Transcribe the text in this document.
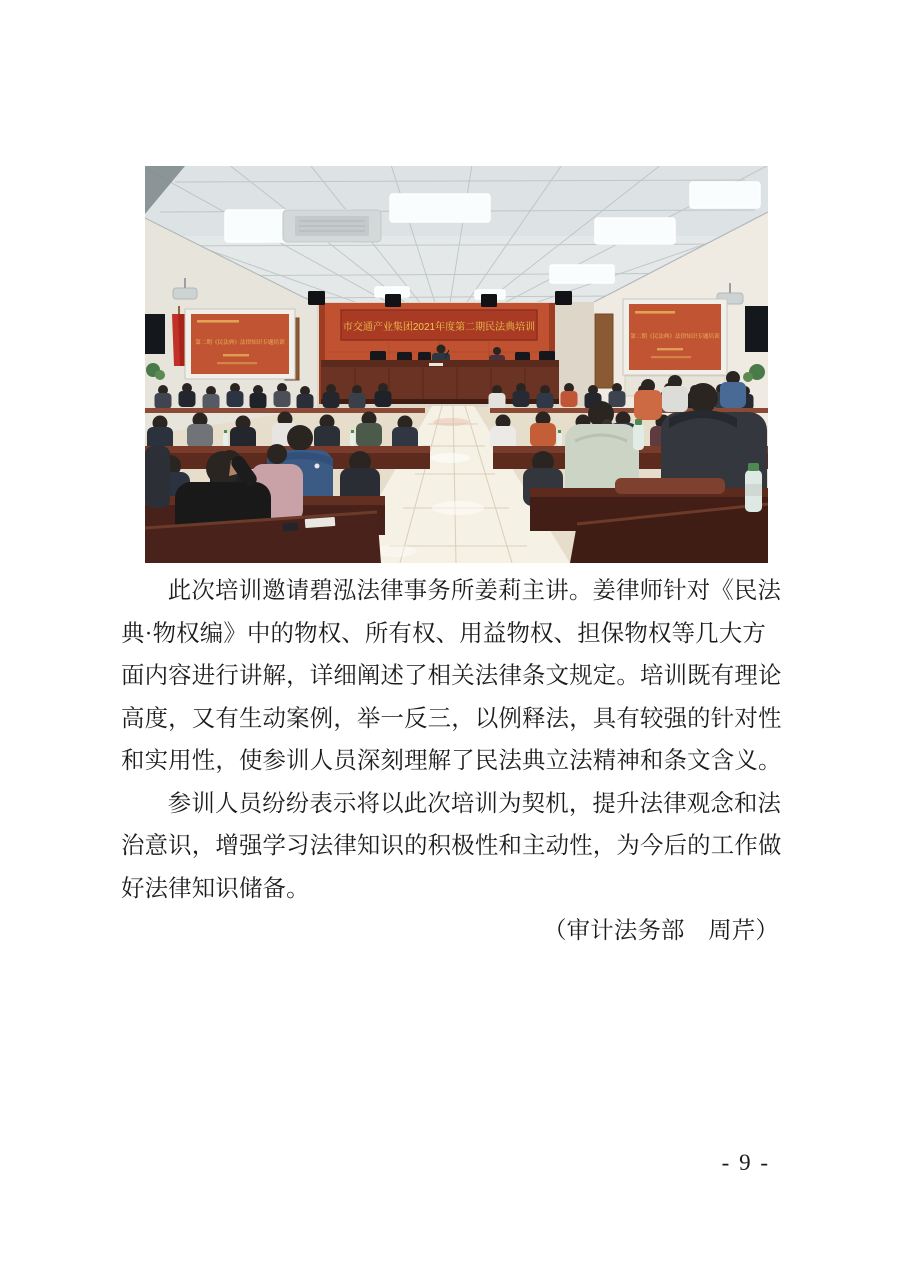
市交通产业集团2021年度第二期民法典培训
第二期《民法典》法律知识专题培训
第二期《民法典》法律知识专题培训
此次培训邀请碧泓法律事务所姜莉主讲。姜律师针对《民法
典·物权编》中的物权、所有权、用益物权、担保物权等几大方
面内容进行讲解，详细阐述了相关法律条文规定。培训既有理论
高度，又有生动案例，举一反三，以例释法，具有较强的针对性
和实用性，使参训人员深刻理解了民法典立法精神和条文含义。
参训人员纷纷表示将以此次培训为契机，提升法律观念和法
治意识，增强学习法律知识的积极性和主动性，为今后的工作做
好法律知识储备。
（审计法务部　周芹）
- 9 -
